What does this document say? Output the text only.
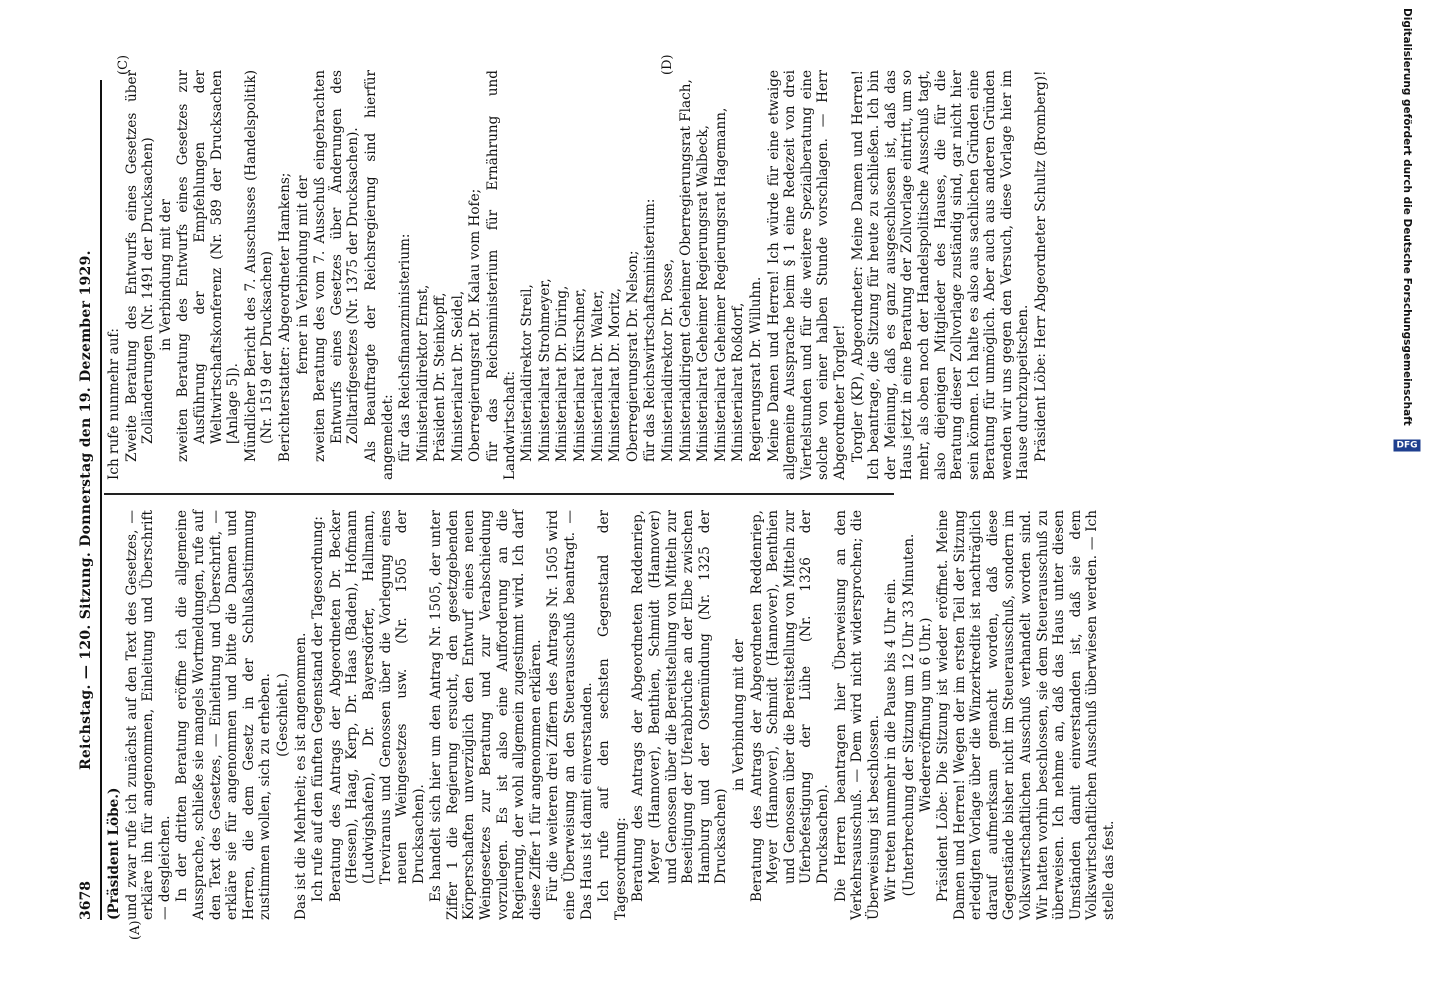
3678
Reichstag. — 120. Sitzung. Donnerstag den 19. Dezember 1929.
(A)
(C)	(D)

(Präsident Löbe.) und zwar rufe ich zunächst auf den Text des Gesetzes, — erkläre ihn für angenommen, Einleitung und Überschrift — desgleichen. In der dritten Beratung eröffne ich die allgemeine Aussprache, schließe sie mangels Wortmeldungen, rufe auf den Text des Gesetzes, — Einleitung und Überschrift, — erkläre sie für angenommen und bitte die Damen und Herren, die dem Gesetz in der Schlußabstimmung zustimmen wollen, sich zu erheben. (Geschieht.) Das ist die Mehrheit; es ist angenommen. Ich rufe auf den fünften Gegenstand der Tagesordnung: Beratung des Antrags der Abgeordneten Dr. Becker (Hessen), Haag, Kerp, Dr. Haas (Baden), Hofmann (Ludwigshafen), Dr. Bayersdörfer, Hallmann, Treviranus und Genossen über die Vorlegung eines neuen Weingesetzes usw. (Nr. 1505 der Drucksachen). Es handelt sich hier um den Antrag Nr. 1505, der unter Ziffer 1 die Regierung ersucht, den gesetzgebenden Körperschaften unverzüglich den Entwurf eines neuen Weingesetzes zur Beratung und zur Verabschiedung vorzulegen. Es ist also eine Aufforderung an die Regierung, der wohl allgemein zugestimmt wird. Ich darf diese Ziffer 1 für angenommen erklären. Für die weiteren drei Ziffern des Antrags Nr. 1505 wird eine Überweisung an den Steuerausschuß beantragt. — Das Haus ist damit einverstanden. Ich rufe auf den sechsten Gegenstand der Tagesordnung: Beratung des Antrags der Abgeordneten Reddenriep, Meyer (Hannover), Benthien, Schmidt (Hannover) und Genossen über die Bereitstellung von Mitteln zur Beseitigung der Uferabbrüche an der Elbe zwischen Hamburg und der Ostemündung (Nr. 1325 der Drucksachen)

in Verbindung mit der Beratung des Antrags der Abgeordneten Reddenriep, Meyer (Hannover), Schmidt (Hannover), Benthien und Genossen über die Bereitstellung von Mitteln zur Uferbefestigung der Lühe (Nr. 1326 der Drucksachen). Die Herren beantragen hier Überweisung an den Verkehrsausschuß. — Dem wird nicht widersprochen; die Überweisung ist beschlossen. Wir treten nunmehr in die Pause bis 4 Uhr ein. (Unterbrechung der Sitzung um 12 Uhr 33 Minuten. Wiedereröffnung um 6 Uhr.) Präsident Löbe: Die Sitzung ist wieder eröffnet. Meine Damen und Herren! Wegen der im ersten Teil der Sitzung erledigten Vorlage über die Winzerkredite ist nachträglich darauf aufmerksam gemacht worden, daß diese Gegenstände bisher nicht im Steuerausschuß, sondern im Volkswirtschaftlichen Ausschuß verhandelt worden sind. Wir hatten vorhin beschlossen, sie dem Steuerausschuß zu überweisen. Ich nehme an, daß das Haus unter diesen Umständen damit einverstanden ist, daß sie dem Volkswirtschaftlichen Ausschuß überwiesen werden. — Ich stelle das fest.

Ich rufe nunmehr auf: Zweite Beratung des Entwurfs eines Gesetzes über Zolländerungen (Nr. 1491 der Drucksachen) in Verbindung mit der zweiten Beratung des Entwurfs eines Gesetzes zur Ausführung der Empfehlungen der Weltwirtschaftskonferenz (Nr. 589 der Drucksachen [Anlage 5]). Mündlicher Bericht des 7. Ausschusses (Handelspolitik) (Nr. 1519 der Drucksachen) Berichterstatter: Abgeordneter Hamkens; ferner in Verbindung mit der zweiten Beratung des vom 7. Ausschuß eingebrachten Entwurfs eines Gesetzes über Änderungen des Zolltarifgesetzes (Nr. 1375 der Drucksachen). Als Beauftragte der Reichsregierung sind hierfür angemeldet: für das Reichsfinanzministerium: Ministerialdirektor Ernst, Präsident Dr. Steinkopff, Ministerialrat Dr. Seidel, Oberregierungsrat Dr. Kalau vom Hofe; für das Reichsministerium für Ernährung und Landwirtschaft: Ministerialdirektor Streil, Ministerialrat Strohmeyer, Ministerialrat Dr. Düring, Ministerialrat Kürschner, Ministerialrat Dr. Walter, Ministerialrat Dr. Moritz, Oberregierungsrat Dr. Nelson; für das Reichswirtschaftsministerium: Ministerialdirektor Dr. Posse, Ministerialdirigent Geheimer Oberregierungsrat Flach, Ministerialrat Geheimer Regierungsrat Walbeck, Ministerialrat Geheimer Regierungsrat Hagemann, Ministerialrat Roßdorf, Regierungsrat Dr. Willuhn. Meine Damen und Herren! Ich würde für eine etwaige allgemeine Aussprache beim § 1 eine Redezeit von drei Viertelstunden und für die weitere Spezialberatung eine solche von einer halben Stunde vorschlagen. — Herr Abgeordneter Torgler! Torgler (KP), Abgeordneter: Meine Damen und Herren! Ich beantrage, die Sitzung für heute zu schließen. Ich bin der Meinung, daß es ganz ausgeschlossen ist, daß das Haus jetzt in eine Beratung der Zollvorlage eintritt, um so mehr, als oben noch der Handelspolitische Ausschuß tagt, also diejenigen Mitglieder des Hauses, die für die Beratung dieser Zollvorlage zuständig sind, gar nicht hier sein können. Ich halte es also aus sachlichen Gründen eine Beratung für unmöglich. Aber auch aus anderen Gründen wenden wir uns gegen den Versuch, diese Vorlage hier im Hause durchzupeitschen. Präsident Löbe: Herr Abgeordneter Schultz (Bromberg)!	Digitalisierung gefördert durch die Deutsche Forschungsgemeinschaft
DFG
